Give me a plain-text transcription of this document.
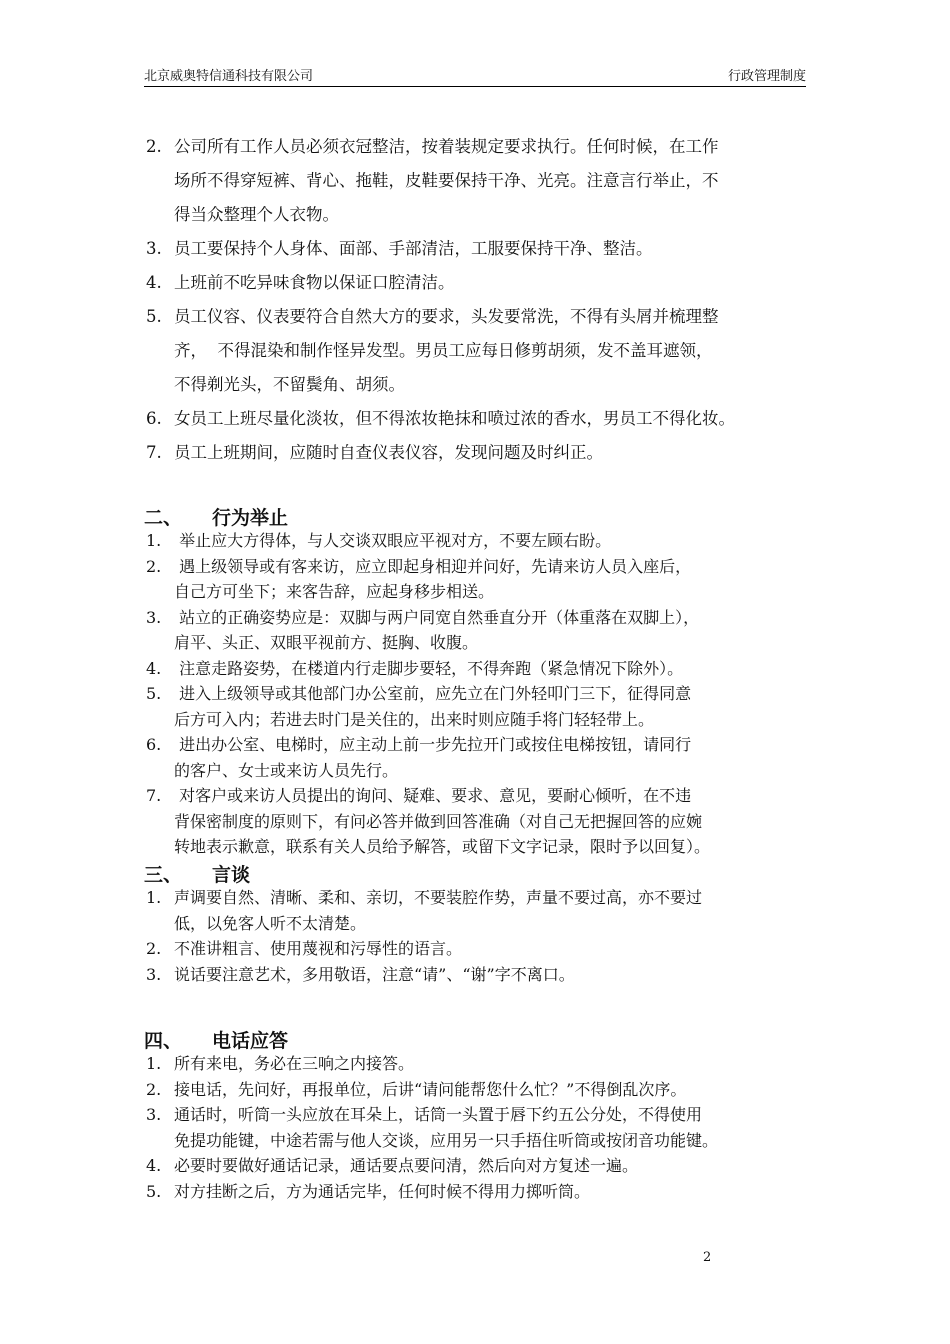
北京威奥特信通科技有限公司	行政管理制度
2. 公司所有工作人员必须衣冠整洁，按着装规定要求执行。任何时候，在工作
场所不得穿短裤、背心、拖鞋，皮鞋要保持干净、光亮。注意言行举止，不
得当众整理个人衣物。
3. 员工要保持个人身体、面部、手部清洁，工服要保持干净、整洁。
4. 上班前不吃异味食物以保证口腔清洁。
5. 员工仪容、仪表要符合自然大方的要求，头发要常洗，不得有头屑并梳理整
齐，  不得混染和制作怪异发型。男员工应每日修剪胡须，发不盖耳遮领，
不得剃光头，不留鬓角、胡须。
6. 女员工上班尽量化淡妆，但不得浓妆艳抹和喷过浓的香水，男员工不得化妆。
7. 员工上班期间，应随时自查仪表仪容，发现问题及时纠正。
二、 行为举止
1. 举止应大方得体，与人交谈双眼应平视对方，不要左顾右盼。
2. 遇上级领导或有客来访，应立即起身相迎并问好，先请来访人员入座后，
自己方可坐下；来客告辞，应起身移步相送。
3. 站立的正确姿势应是：双脚与两户同宽自然垂直分开（体重落在双脚上），
肩平、头正、双眼平视前方、挺胸、收腹。
4. 注意走路姿势，在楼道内行走脚步要轻，不得奔跑（紧急情况下除外）。
5. 进入上级领导或其他部门办公室前，应先立在门外轻叩门三下，征得同意
后方可入内；若进去时门是关住的，出来时则应随手将门轻轻带上。
6. 进出办公室、电梯时，应主动上前一步先拉开门或按住电梯按钮，请同行
的客户、女士或来访人员先行。
7. 对客户或来访人员提出的询问、疑难、要求、意见，要耐心倾听，在不违
背保密制度的原则下，有问必答并做到回答准确（对自己无把握回答的应婉
转地表示歉意，联系有关人员给予解答，或留下文字记录，限时予以回复）。
三、 言谈
1. 声调要自然、清晰、柔和、亲切，不要装腔作势，声量不要过高，亦不要过
低，以免客人听不太清楚。
2. 不准讲粗言、使用蔑视和污辱性的语言。
3. 说话要注意艺术，多用敬语，注意“请”、“谢”字不离口。
四、 电话应答
1. 所有来电，务必在三响之内接答。
2. 接电话，先问好，再报单位，后讲“请问能帮您什么忙？”不得倒乱次序。
3. 通话时，听筒一头应放在耳朵上，话筒一头置于唇下约五公分处，不得使用
免提功能键，中途若需与他人交谈，应用另一只手捂住听筒或按闭音功能键。
4. 必要时要做好通话记录，通话要点要问清，然后向对方复述一遍。
5. 对方挂断之后，方为通话完毕，任何时候不得用力掷听筒。
2
